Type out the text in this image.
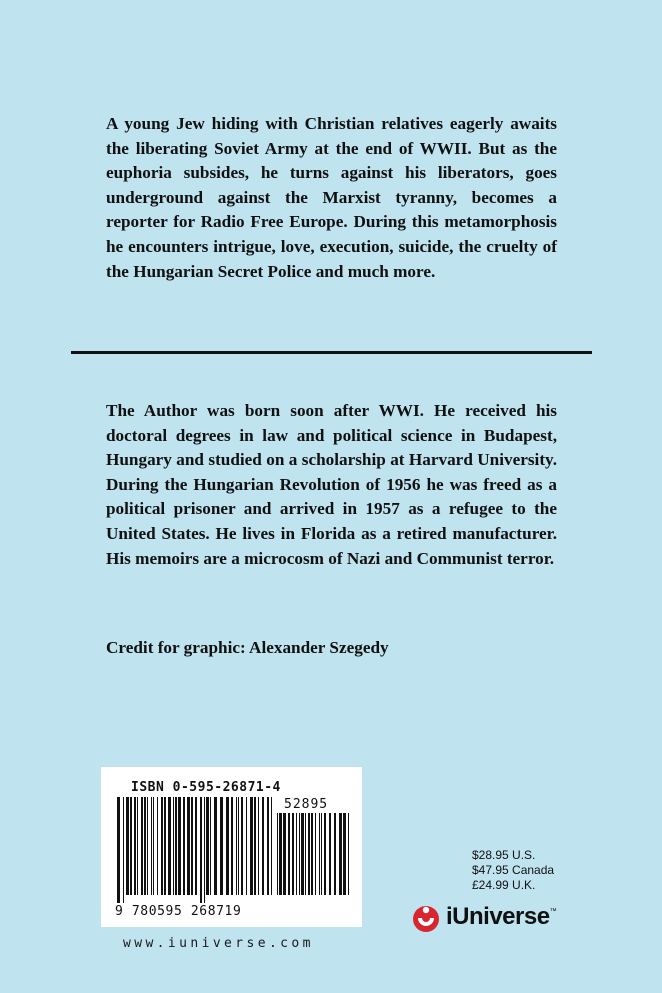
A young Jew hiding with Christian relatives eagerly awaits the liberating Soviet Army at the end of WWII. But as the euphoria subsides, he turns against his liberators, goes underground against the Marxist tyranny, becomes a reporter for Radio Free Europe. During this metamorphosis he encounters intrigue, love, execution, suicide, the cruelty of the Hungarian Secret Police and much more.

The Author was born soon after WWI. He received his doctoral degrees in law and political science in Budapest, Hungary and studied on a scholarship at Harvard University. During the Hungarian Revolution of 1956 he was freed as a political prisoner and arrived in 1957 as a refugee to the United States. He lives in Florida as a retired manufacturer. His memoirs are a microcosm of Nazi and Communist terror.

Credit for graphic: Alexander Szegedy

ISBN 0-595-26871-4
52895
9 780595 268719
www.iuniverse.com
$28.95 U.S.
$47.95 Canada
£24.99 U.K.
iUniverse ™
